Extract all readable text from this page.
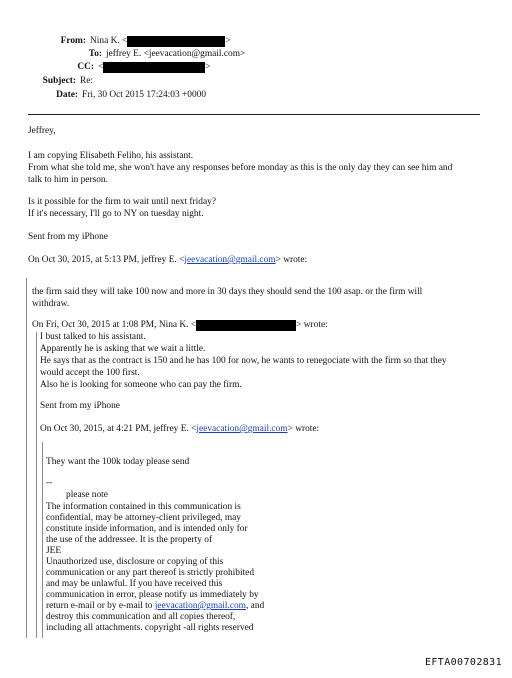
From: Nina K. <	>
To: jeffrey E. <jeevacation@gmail.com>
CC: <	>
Subject: Re:
Date: Fri, 30 Oct 2015 17:24:03 +0000
Jeffrey,
I am copying Elisabeth Feliho, his assistant.
From what she told me, she won't have any responses before monday as this is the only day they can see him and
talk to him in person.
Is it possible for the firm to wait until next friday?
If it's necessary, I'll go to NY on tuesday night.
Sent from my iPhone
On Oct 30, 2015, at 5:13 PM, jeffrey E. <jeevacation@gmail.com> wrote:
the firm said they will take 100 now and more in 30 days they should send the 100 asap. or the firm will
withdraw.
On Fri, Oct 30, 2015 at 1:08 PM, Nina K. <	> wrote:
I bust talked to his assistant.
Apparently he is asking that we wait a little.
He says that as the contract is 150 and he has 100 for now, he wants to renegociate with the firm so that they
would accept the 100 first.
Also he is looking for someone who can pay the firm.
Sent from my iPhone
On Oct 30, 2015, at 4:21 PM, jeffrey E. <jeevacation@gmail.com> wrote:
They want the 100k today please send
--
please note
The information contained in this communication is
confidential, may be attorney-client privileged, may
constitute inside information, and is intended only for
the use of the addressee. It is the property of
JEE
Unauthorized use, disclosure or copying of this
communication or any part thereof is strictly prohibited
and may be unlawful. If you have received this
communication in error, please notify us immediately by
return e-mail or by e-mail to jeevacation@gmail.com, and
destroy this communication and all copies thereof,
including all attachments. copyright -all rights reserved
EFTA00702831
